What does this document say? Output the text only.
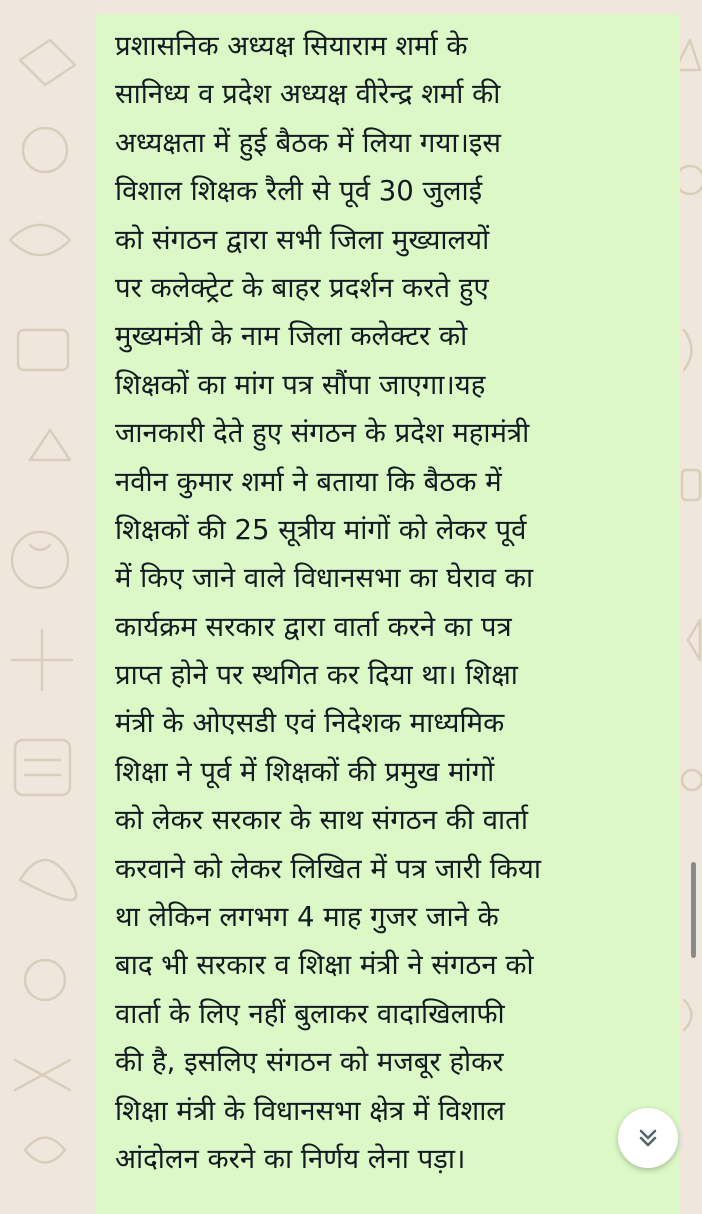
प्रशासनिक अध्यक्ष सियाराम शर्मा के
सानिध्य व प्रदेश अध्यक्ष वीरेन्द्र शर्मा की
अध्यक्षता में हुई बैठक में लिया गया।इस
विशाल शिक्षक रैली से पूर्व 30 जुलाई
को संगठन द्वारा सभी जिला मुख्यालयों
पर कलेक्ट्रेट के बाहर प्रदर्शन करते हुए
मुख्यमंत्री के नाम जिला कलेक्टर को
शिक्षकों का मांग पत्र सौंपा जाएगा।यह
जानकारी देते हुए संगठन के प्रदेश महामंत्री
नवीन कुमार शर्मा ने बताया कि बैठक में
शिक्षकों की 25 सूत्रीय मांगों को लेकर पूर्व
में किए जाने वाले विधानसभा का घेराव का
कार्यक्रम सरकार द्वारा वार्ता करने का पत्र
प्राप्त होने पर स्थगित कर दिया था। शिक्षा
मंत्री के ओएसडी एवं निदेशक माध्यमिक
शिक्षा ने पूर्व में शिक्षकों की प्रमुख मांगों
को लेकर सरकार के साथ संगठन की वार्ता
करवाने को लेकर लिखित में पत्र जारी किया
था लेकिन लगभग 4 माह गुजर जाने के
बाद भी सरकार व शिक्षा मंत्री ने संगठन को
वार्ता के लिए नहीं बुलाकर वादाखिलाफी
की है, इसलिए संगठन को मजबूर होकर
शिक्षा मंत्री के विधानसभा क्षेत्र में विशाल
आंदोलन करने का निर्णय लेना पड़ा।
